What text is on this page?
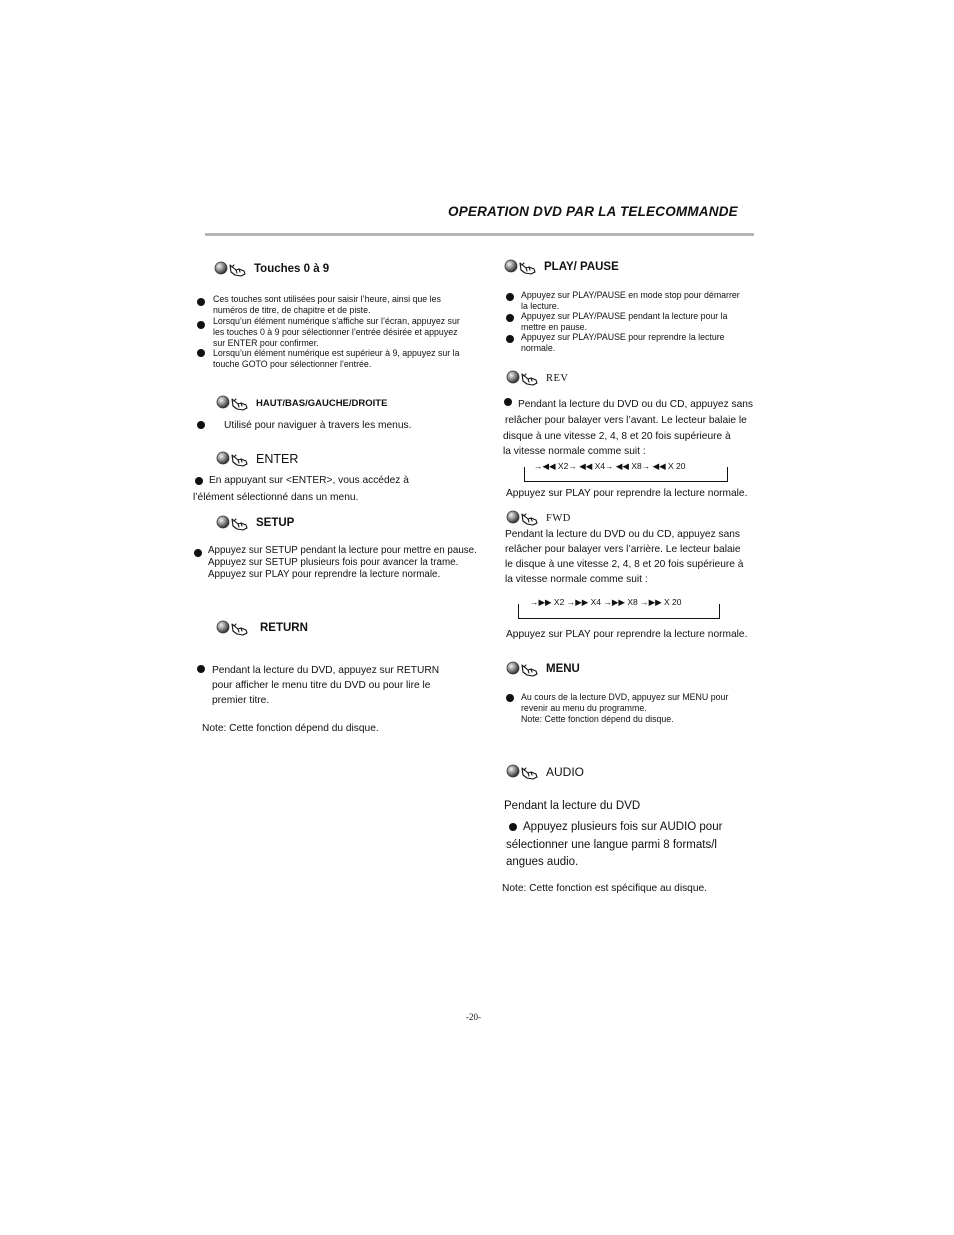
OPERATION DVD PAR LA TELECOMMANDE
Touches 0 à 9
Ces touches sont utilisées pour saisir l’heure, ainsi que les
numéros de titre, de chapitre et de piste.
Lorsqu’un élément numérique s’affiche sur l’écran, appuyez sur
les touches 0 à 9 pour sélectionner l’entrée désirée et appuyez
sur ENTER pour confirmer.
Lorsqu’un élément numérique est supérieur à 9, appuyez sur la
touche GOTO pour sélectionner l’entrée.
HAUT/BAS/GAUCHE/DROITE
Utilisé pour naviguer à travers les menus.
ENTER
En appuyant sur <ENTER>, vous accédez à
l’élément sélectionné dans un menu.
SETUP
Appuyez sur SETUP pendant la lecture pour mettre en pause.
Appuyez sur SETUP plusieurs fois pour avancer la trame.
Appuyez sur PLAY pour reprendre la lecture normale.
RETURN
Pendant la lecture du DVD, appuyez sur RETURN
pour afficher le menu titre du DVD ou pour lire le
premier titre.
Note: Cette fonction dépend du disque.
PLAY/ PAUSE
Appuyez sur PLAY/PAUSE en mode stop pour démarrer
la lecture.
Appuyez sur PLAY/PAUSE pendant la lecture pour la
mettre en pause.
Appuyez sur PLAY/PAUSE pour reprendre la lecture
normale.
REV
Pendant la lecture du DVD ou du CD, appuyez sans
relâcher pour balayer vers l’avant. Le lecteur balaie le
disque à une vitesse 2, 4, 8 et 20 fois supérieure à
la vitesse normale comme suit :
→◀◀ X2→ ◀◀ X4→ ◀◀ X8→ ◀◀ X 20
Appuyez sur PLAY pour reprendre la lecture normale.
FWD
Pendant la lecture du DVD ou du CD, appuyez sans
relâcher pour balayer vers l’arrière. Le lecteur balaie
le disque à une vitesse 2, 4, 8 et 20 fois supérieure à
la vitesse normale comme suit :
→▶▶ X2 →▶▶ X4 →▶▶ X8 →▶▶ X 20
Appuyez sur PLAY pour reprendre la lecture normale.
MENU
Au cours de la lecture DVD, appuyez sur MENU pour
revenir au menu du programme.
Note: Cette fonction dépend du disque.
AUDIO
Pendant la lecture du DVD
Appuyez plusieurs fois sur AUDIO pour
sélectionner une langue parmi 8 formats/l
angues audio.
Note: Cette fonction est spécifique au disque.
-20-
